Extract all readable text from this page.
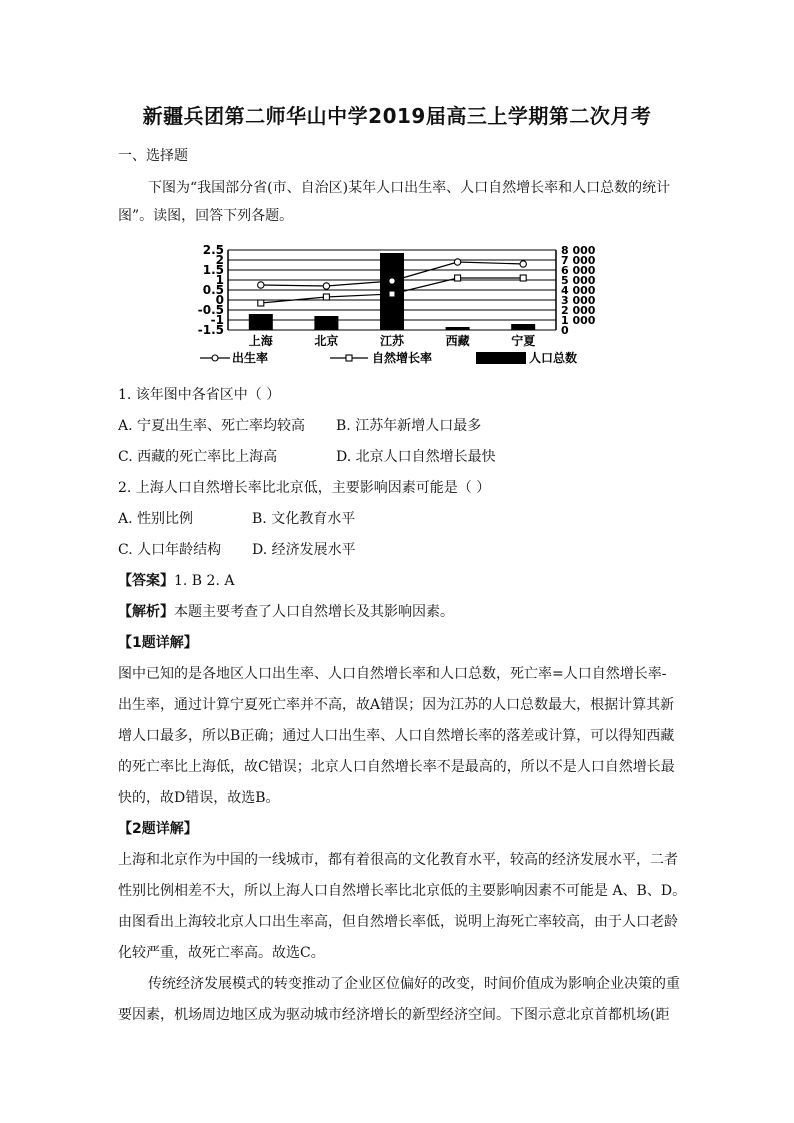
新疆兵团第二师华山中学2019届高三上学期第二次月考
一、选择题
下图为“我国部分省(市、自治区)某年人口出生率、人口自然增长率和人口总数的统计
图”。读图，回答下列各题。
2.5
2
1.5
1
0.5
0
-0.5
-1
-1.5
8 000
7 000
6 000
5 000
4 000
3 000
2 000
1 000
0
上海	北京	江苏	西藏	宁夏
出生率	自然增长率	人口总数
1. 该年图中各省区中（ ）
A. 宁夏出生率、死亡率均较高 B. 江苏年新增人口最多
C. 西藏的死亡率比上海高	D. 北京人口自然增长最快
2. 上海人口自然增长率比北京低，主要影响因素可能是（ ）
A. 性别比例	B. 文化教育水平
C. 人口年龄结构 D. 经济发展水平
【答案】1. B 2. A
【解析】本题主要考查了人口自然增长及其影响因素。
【1题详解】
图中已知的是各地区人口出生率、人口自然增长率和人口总数，死亡率=人口自然增长率-
出生率，通过计算宁夏死亡率并不高，故A错误；因为江苏的人口总数最大，根据计算其新
增人口最多，所以B正确；通过人口出生率、人口自然增长率的落差或计算，可以得知西藏
的死亡率比上海低，故C错误；北京人口自然增长率不是最高的，所以不是人口自然增长最
快的，故D错误，故选B。
【2题详解】
上海和北京作为中国的一线城市，都有着很高的文化教育水平，较高的经济发展水平，二者
性别比例相差不大，所以上海人口自然增长率比北京低的主要影响因素不可能是 A、B、D。
由图看出上海较北京人口出生率高，但自然增长率低，说明上海死亡率较高，由于人口老龄
化较严重，故死亡率高。故选C。
传统经济发展模式的转变推动了企业区位偏好的改变，时间价值成为影响企业决策的重
要因素，机场周边地区成为驱动城市经济增长的新型经济空间。下图示意北京首都机场(距
